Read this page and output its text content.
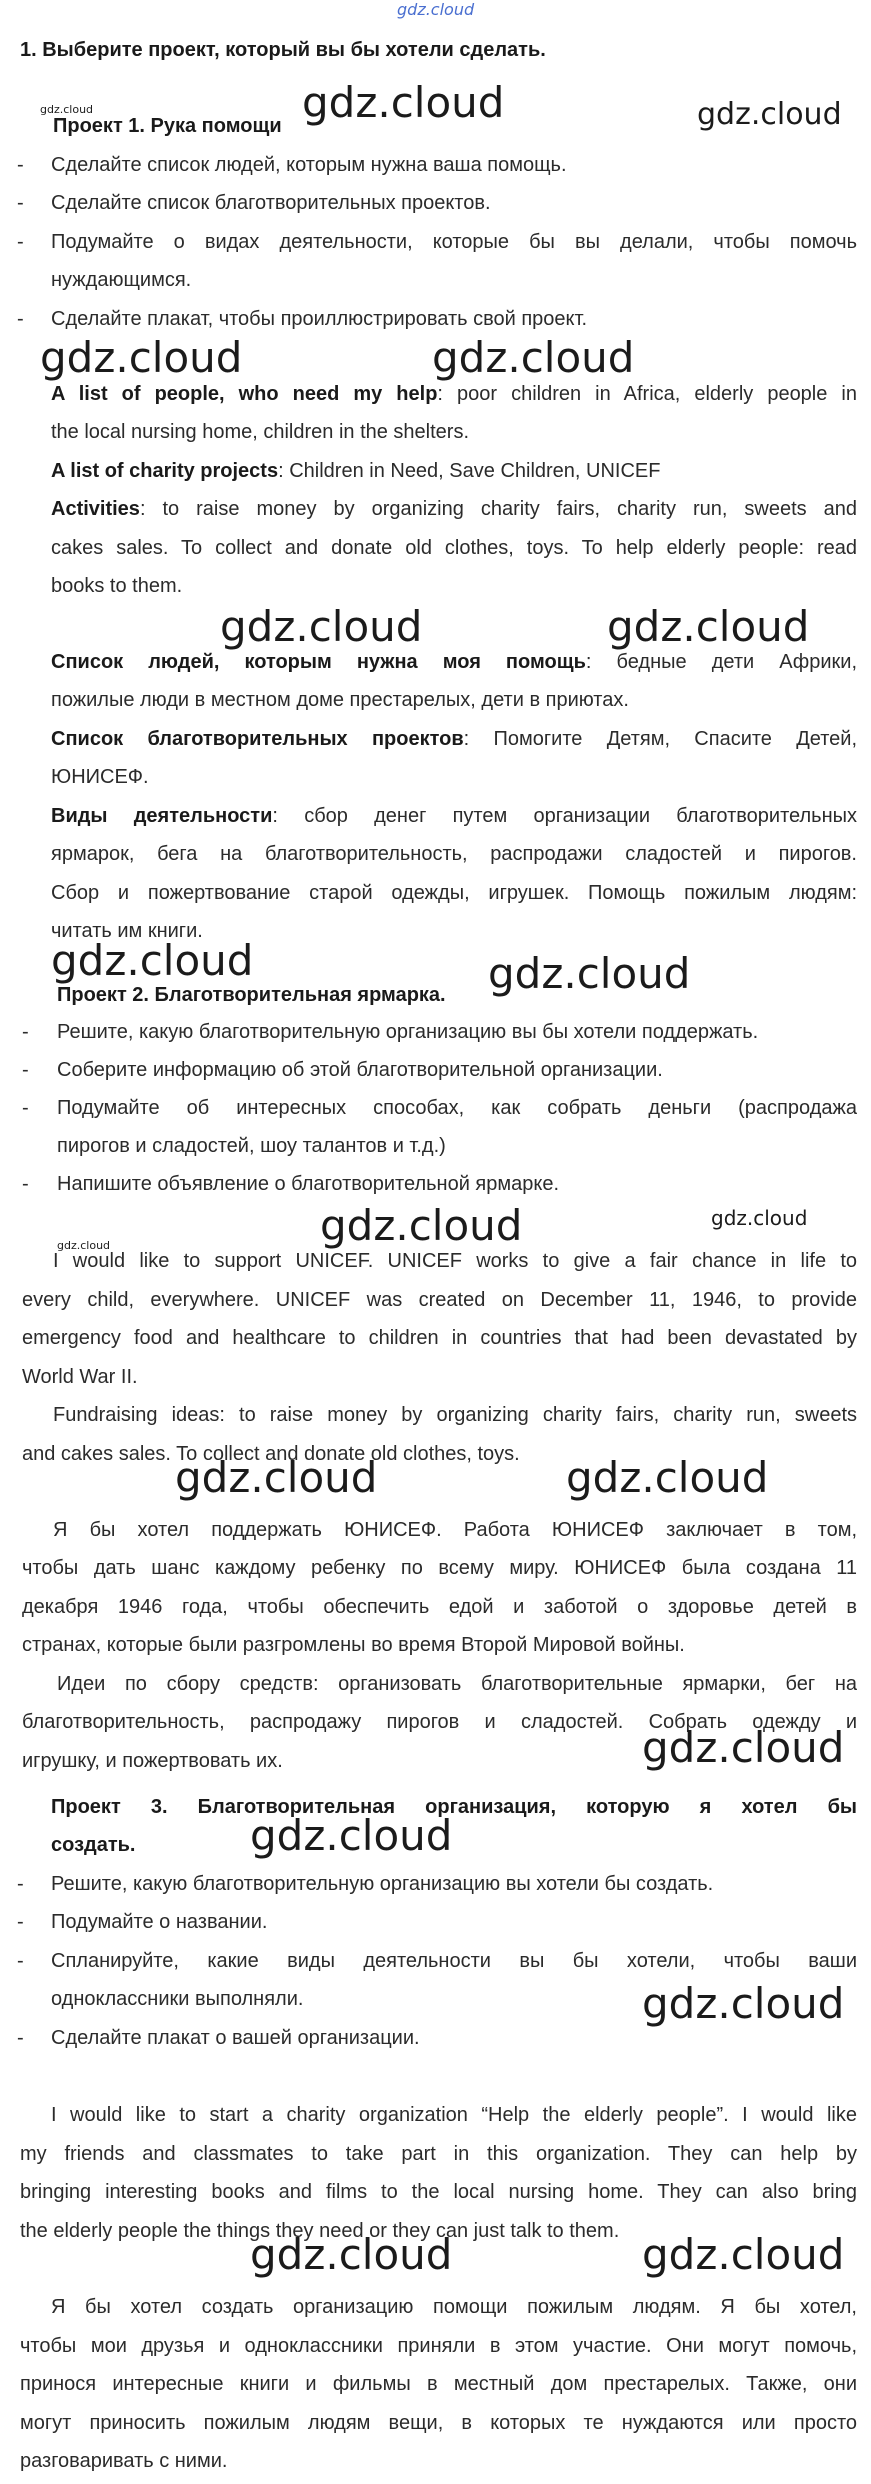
gdz.cloud
1. Выберите проект, который вы бы хотели сделать.
gdz.cloud	gdz.cloud	gdz.cloud
Проект 1. Рука помощи
- Сделайте список людей, которым нужна ваша помощь.
- Сделайте список благотворительных проектов.
- Подумайте о видах деятельности, которые бы вы делали, чтобы помочь
нуждающимся.
- Сделайте плакат, чтобы проиллюстрировать свой проект.
gdz.cloud	gdz.cloud
A list of people, who need my help: poor children in Africa, elderly people in
the local nursing home, children in the shelters.
A list of charity projects: Children in Need, Save Children, UNICEF
Activities: to raise money by organizing charity fairs, charity run, sweets and
cakes sales. To collect and donate old clothes, toys. To help elderly people: read
books to them.
gdz.cloud	gdz.cloud
Список людей, которым нужна моя помощь: бедные дети Африки,
пожилые люди в местном доме престарелых, дети в приютах.
Список благотворительных проектов: Помогите Детям, Спасите Детей,
ЮНИСЕФ.
Виды деятельности: сбор денег путем организации благотворительных
ярмарок, бега на благотворительность, распродажи сладостей и пирогов.
Сбор и пожертвование старой одежды, игрушек. Помощь пожилым людям:
читать им книги.
gdz.cloud	gdz.cloud
Проект 2. Благотворительная ярмарка.
- Решите, какую благотворительную организацию вы бы хотели поддержать.
- Соберите информацию об этой благотворительной организации.
- Подумайте об интересных способах, как собрать деньги (распродажа
пирогов и сладостей, шоу талантов и т.д.)
- Напишите объявление о благотворительной ярмарке.
gdz.cloud	gdz.cloud	gdz.cloud
I would like to support UNICEF. UNICEF works to give a fair chance in life to
every child, everywhere. UNICEF was created on December 11, 1946, to provide
emergency food and healthcare to children in countries that had been devastated by
World War II.
Fundraising ideas: to raise money by organizing charity fairs, charity run, sweets
and cakes sales. To collect and donate old clothes, toys.
gdz.cloud	gdz.cloud
Я бы хотел поддержать ЮНИСЕФ. Работа ЮНИСЕФ заключает в том,
чтобы дать шанс каждому ребенку по всему миру. ЮНИСЕФ была создана 11
декабря 1946 года, чтобы обеспечить едой и заботой о здоровье детей в
странах, которые были разгромлены во время Второй Мировой войны.
Идеи по сбору средств: организовать благотворительные ярмарки, бег на
благотворительность, распродажу пирогов и сладостей. Собрать одежду и
игрушку, и пожертвовать их.	gdz.cloud
Проект 3. Благотворительная организация, которую я хотел бы
создать.	gdz.cloud
- Решите, какую благотворительную организацию вы хотели бы создать.
- Подумайте о названии.
- Спланируйте, какие виды деятельности вы бы хотели, чтобы ваши
одноклассники выполняли.
- Сделайте плакат о вашей организации.
gdz.cloud
I would like to start a charity organization “Help the elderly people”. I would like
my friends and classmates to take part in this organization. They can help by
bringing interesting books and films to the local nursing home. They can also bring
the elderly people the things they need or they can just talk to them.
gdz.cloud	gdz.cloud
Я бы хотел создать организацию помощи пожилым людям. Я бы хотел,
чтобы мои друзья и одноклассники приняли в этом участие. Они могут помочь,
принося интересные книги и фильмы в местный дом престарелых. Также, они
могут приносить пожилым людям вещи, в которых те нуждаются или просто
разговаривать с ними.
